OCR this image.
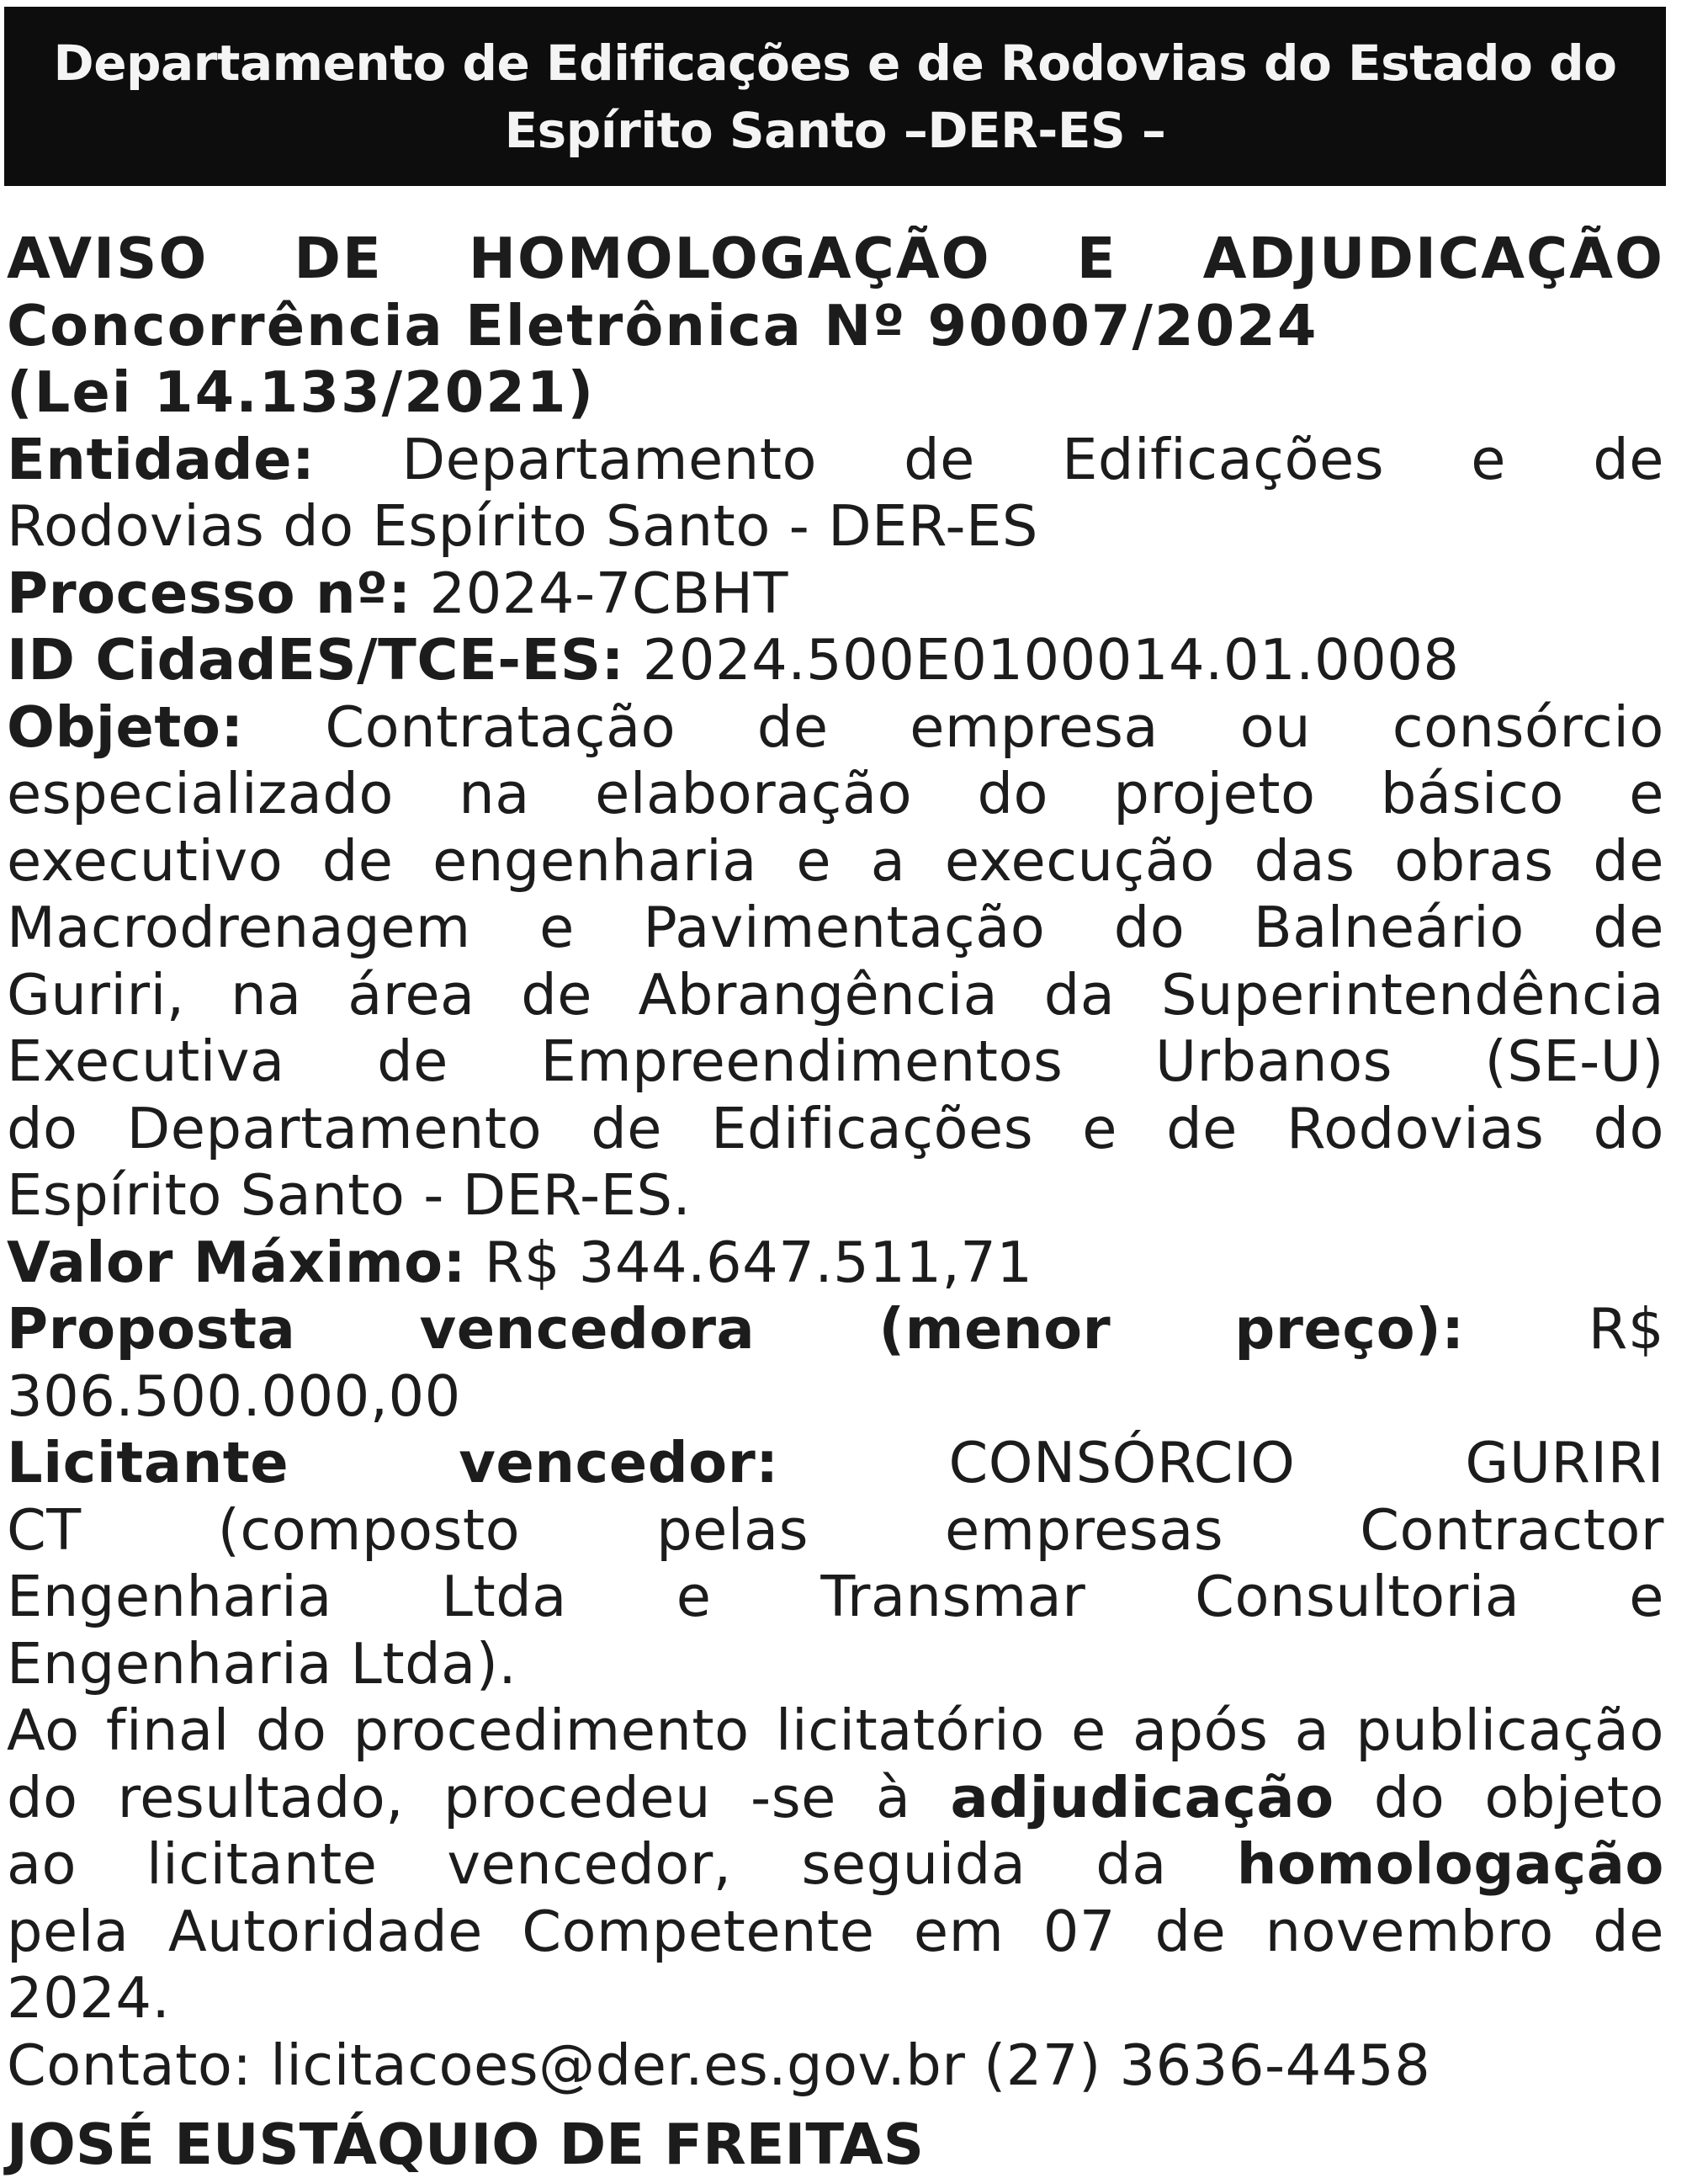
Departamento de Edificações e de Rodovias do Estado do
Espírito Santo –DER-ES –
AVISO DE HOMOLOGAÇÃO E ADJUDICAÇÃO
Concorrência Eletrônica Nº 90007/2024
(Lei 14.133/2021)
Entidade: Departamento de Edificações e de
Rodovias do Espírito Santo - DER-ES
Processo nº: 2024-7CBHT
ID CidadES/TCE-ES: 2024.500E0100014.01.0008
Objeto: Contratação de empresa ou consórcio
especializado na elaboração do projeto básico e
executivo de engenharia e a execução das obras de
Macrodrenagem e Pavimentação do Balneário de
Guriri, na área de Abrangência da Superintendência
Executiva de Empreendimentos Urbanos (SE-U)
do Departamento de Edificações e de Rodovias do
Espírito Santo - DER-ES.
Valor Máximo: R$ 344.647.511,71
Proposta vencedora (menor preço): R$
306.500.000,00
Licitante	vencedor:	CONSÓRCIO	GURIRI
CT (composto pelas empresas Contractor
Engenharia Ltda e Transmar Consultoria e
Engenharia Ltda).
Ao final do procedimento licitatório e após a publicação
do resultado, procedeu -se à adjudicação do objeto
ao licitante vencedor, seguida da homologação
pela Autoridade Competente em 07 de novembro de
2024.
Contato: licitacoes@der.es.gov.br (27) 3636-4458
JOSÉ EUSTÁQUIO DE FREITAS
